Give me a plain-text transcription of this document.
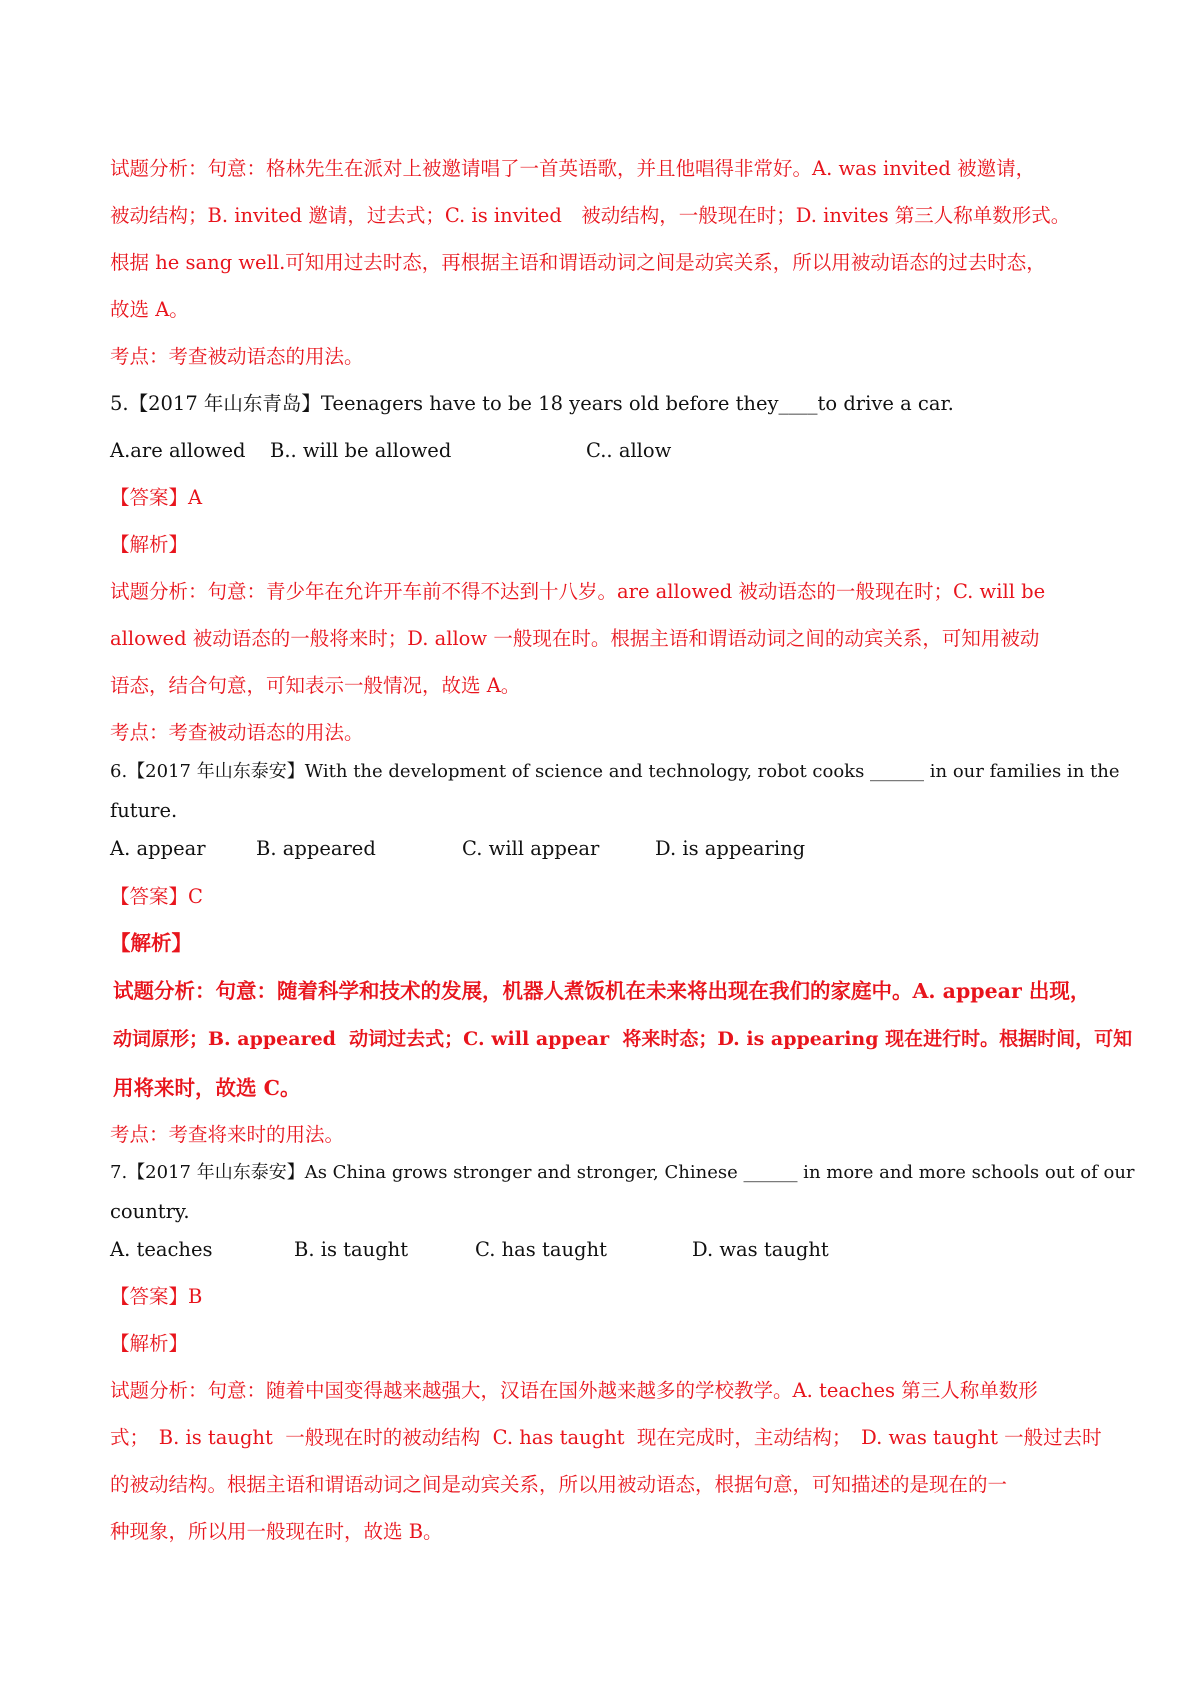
试题分析：句意：格林先生在派对上被邀请唱了一首英语歌，并且他唱得非常好。A. was invited 被邀请，
被动结构；B. invited 邀请，过去式；C. is invited　被动结构，一般现在时；D. invites 第三人称单数形式。
根据 he sang well.可知用过去时态，再根据主语和谓语动词之间是动宾关系，所以用被动语态的过去时态，
故选 A。
考点：考查被动语态的用法。
5.【2017 年山东青岛】Teenagers have to be 18 years old before they____to drive a car.
A.are allowed B.. will be allowed	C.. allow
【答案】A
【解析】
试题分析：句意：青少年在允许开车前不得不达到十八岁。are allowed 被动语态的一般现在时；C. will be
allowed 被动语态的一般将来时；D. allow 一般现在时。根据主语和谓语动词之间的动宾关系，可知用被动
语态，结合句意，可知表示一般情况，故选 A。
考点：考查被动语态的用法。
6.【2017 年山东泰安】With the development of science and technology, robot cooks ______ in our families in the
future.
A. appear	B. appeared	C. will appear	D. is appearing
【答案】C
【解析】
试题分析：句意：随着科学和技术的发展，机器人煮饭机在未来将出现在我们的家庭中。A. appear 出现，
动词原形；B. appeared  动词过去式；C. will appear  将来时态；D. is appearing 现在进行时。根据时间，可知
用将来时，故选 C。
考点：考查将来时的用法。
7.【2017 年山东泰安】As China grows stronger and stronger, Chinese ______ in more and more schools out of our
country.
A. teaches	B. is taught	C. has taught	D. was taught
【答案】B
【解析】
试题分析：句意：随着中国变得越来越强大，汉语在国外越来越多的学校教学。A. teaches 第三人称单数形
式；　B. is taught  一般现在时的被动结构  C. has taught  现在完成时，主动结构；　D. was taught 一般过去时
的被动结构。根据主语和谓语动词之间是动宾关系，所以用被动语态，根据句意，可知描述的是现在的一
种现象，所以用一般现在时，故选 B。
